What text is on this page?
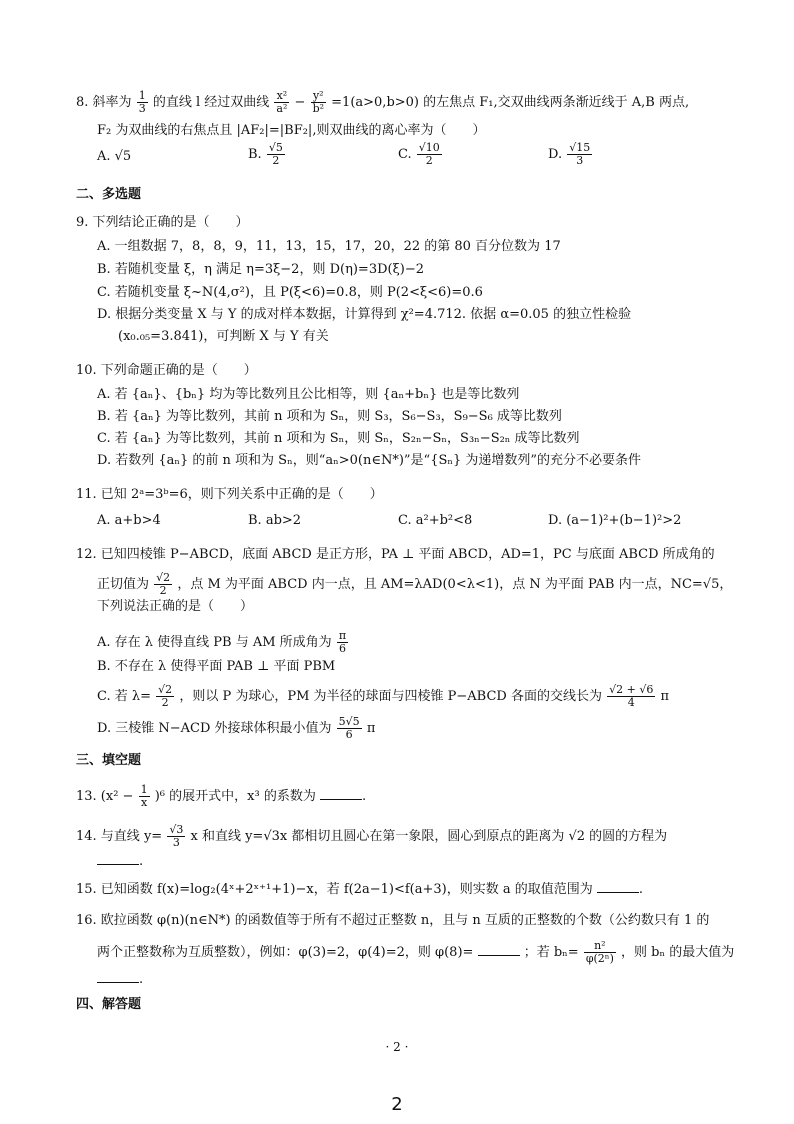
8. 斜率为 $\frac{1}{3}$ 的直线 l 经过双曲线 $\frac{\text{x²}}{\text{a²}} - \frac{\text{y²}}{\text{b²}} =1(a>0,b>0)$ 的左焦点 F₁,交双曲线两条渐近线于 A,B 两点,
F₂ 为双曲线的右焦点且 |AF₂|=|BF₂|,则双曲线的离心率为（　　）
A. √5	B. $\frac{√5}{2}$	C. $\frac{√10}{2}$	D. $\frac{√15}{3}$
二、多选题
9. 下列结论正确的是（　　）
A. 一组数据 7，8，8，9，11，13，15，17，20，22 的第 80 百分位数为 17
B. 若随机变量 ξ，η 满足 η=3ξ−2，则 D(η)=3D(ξ)−2
C. 若随机变量 ξ~N(4,σ²)，且 P(ξ<6)=0.8，则 P(2<ξ<6)=0.6
D. 根据分类变量 X 与 Y 的成对样本数据，计算得到 χ²=4.712. 依据 α=0.05 的独立性检验
(x₀.₀₅=3.841)，可判断 X 与 Y 有关
10. 下列命题正确的是（　　）
A. 若 {aₙ}、{bₙ} 均为等比数列且公比相等，则 {aₙ+bₙ} 也是等比数列
B. 若 {aₙ} 为等比数列，其前 n 项和为 Sₙ，则 S₃，S₆−S₃，S₉−S₆ 成等比数列
C. 若 {aₙ} 为等比数列，其前 n 项和为 Sₙ，则 Sₙ，S₂ₙ−Sₙ，S₃ₙ−S₂ₙ 成等比数列
D. 若数列 {aₙ} 的前 n 项和为 Sₙ，则“aₙ>0(n∈N*)”是“{Sₙ} 为递增数列”的充分不必要条件
11. 已知 2ᵃ=3ᵇ=6，则下列关系中正确的是（　　）
A. a+b>4	B. ab>2	C. a²+b²<8	D. (a−1)²+(b−1)²>2
12. 已知四棱锥 P−ABCD，底面 ABCD 是正方形，PA ⊥ 平面 ABCD，AD=1，PC 与底面 ABCD 所成角的
正切值为 $\frac{√2}{2}$ ，点 M 为平面 ABCD 内一点，且 AM=λAD(0<λ<1)，点 N 为平面 PAB 内一点，NC=√5，
下列说法正确的是（　　）
A. 存在 λ 使得直线 PB 与 AM 所成角为 $\frac{\pi}{6}$
B. 不存在 λ 使得平面 PAB ⊥ 平面 PBM
C. 若 $\lambda= \frac{√2}{2}$ ，则以 P 为球心，PM 为半径的球面与四棱锥 P−ABCD 各面的交线长为 $\frac{√2 + √6}{4}$ π
D. 三棱锥 N−ACD 外接球体积最小值为 $\frac{5√5}{6}$ π
三、填空题
13. $(x^2 - \frac{1}{x} )^6$ 的展开式中，x³ 的系数为	.
14. 与直线 $y= \frac{√3}{3}$ x 和直线 y=√3x 都相切且圆心在第一象限，圆心到原点的距离为 √2 的圆的方程为
.
15. 已知函数 f(x)=log₂(4ˣ+2ˣ⁺¹+1)−x，若 f(2a−1)<f(a+3)，则实数 a 的取值范围为	.
16. 欧拉函数 φ(n)(n∈N*) 的函数值等于所有不超过正整数 n，且与 n 互质的正整数的个数（公约数只有 1 的
两个正整数称为互质整数），例如：φ(3)=2，φ(4)=2，则 φ(8)=	；若 $b_n= \frac{\text{n²}}{\text{φ(2ⁿ)}}$ ，则 bₙ 的最大值为
.
四、解答题
· 2 ·
2
